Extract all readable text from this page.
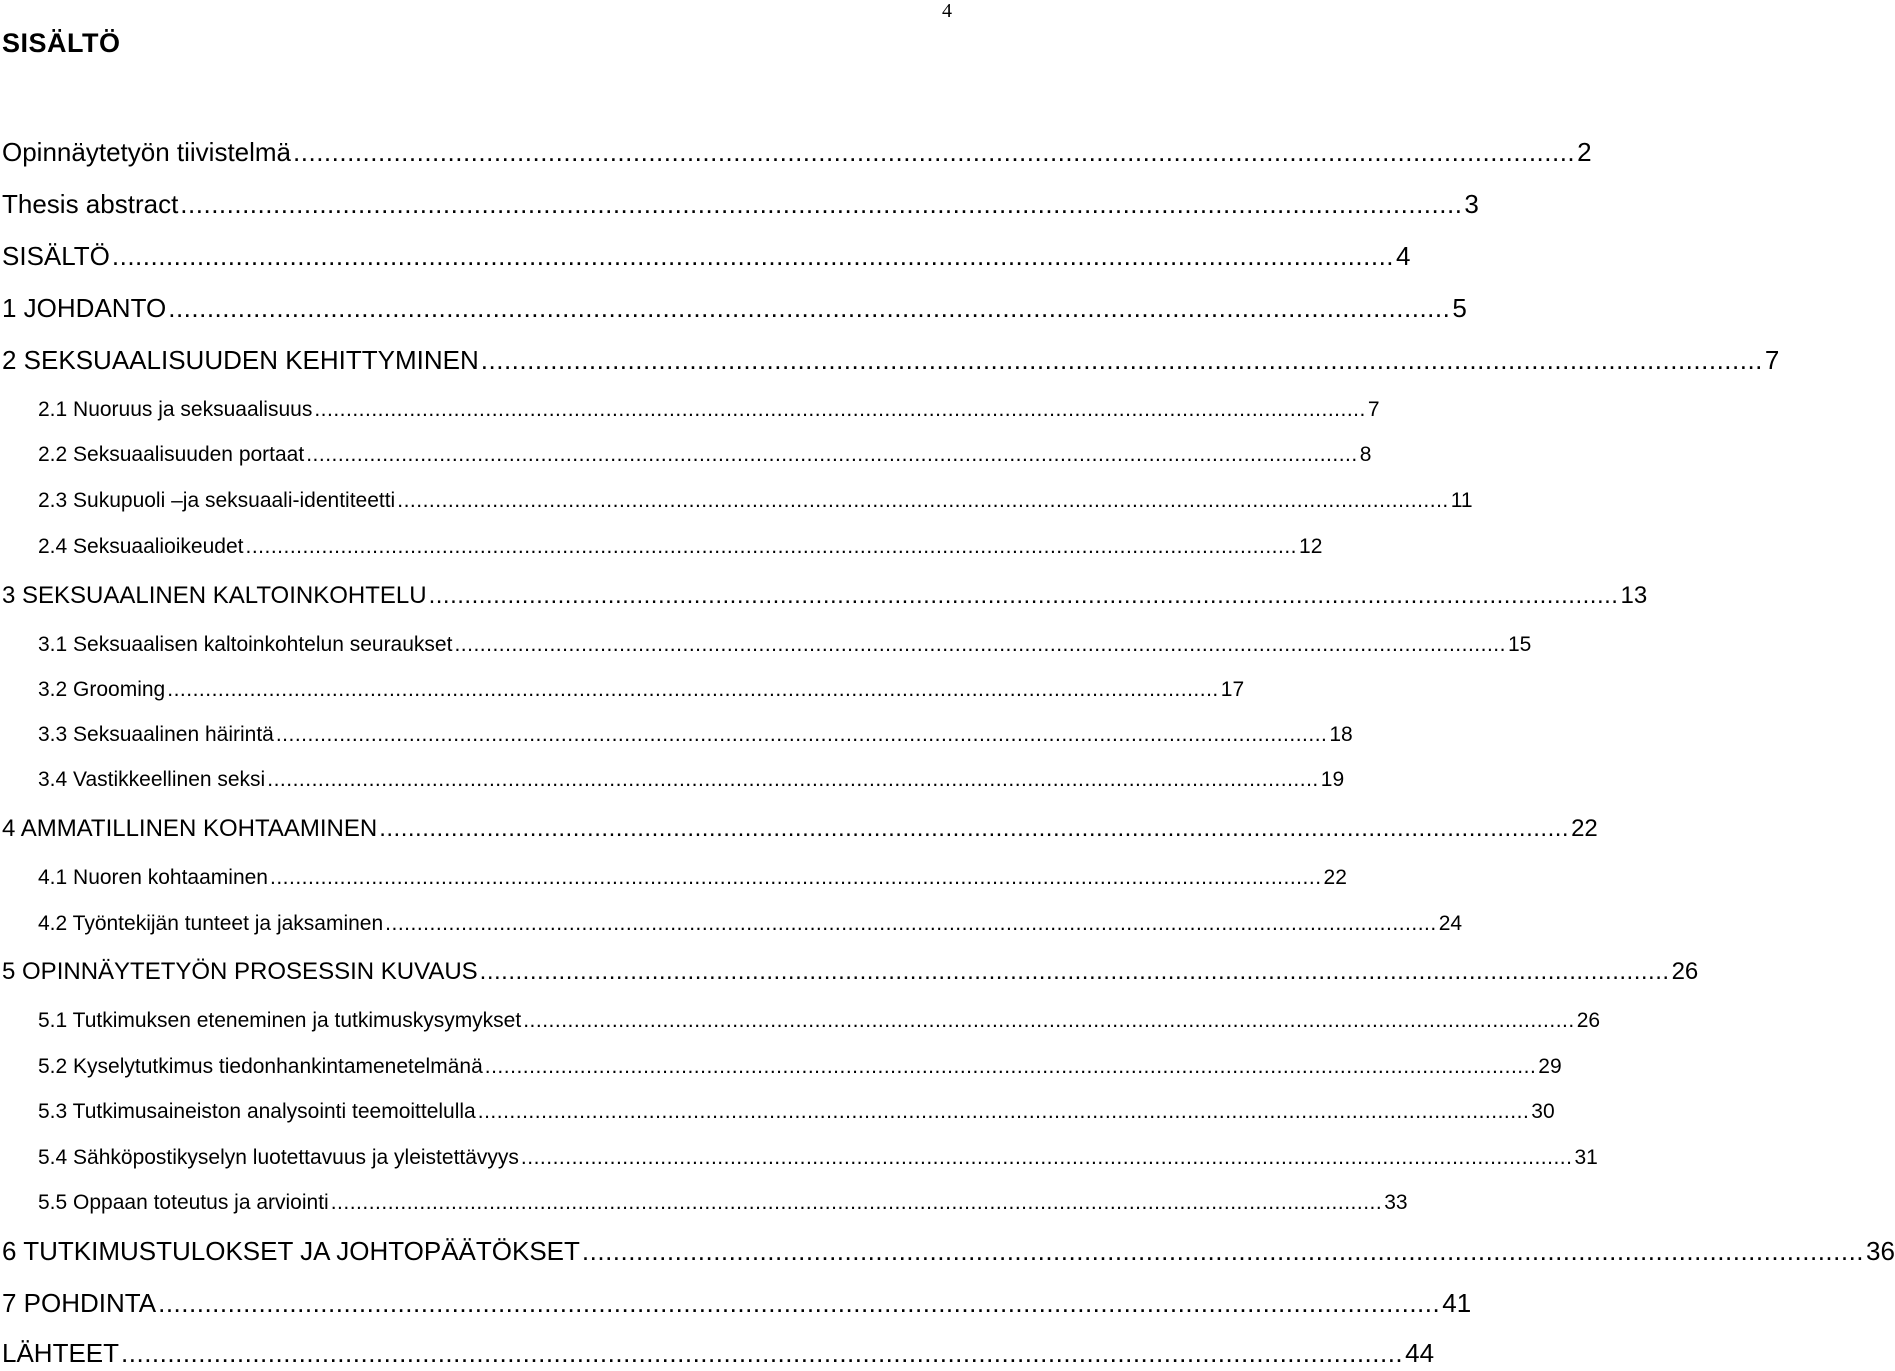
4
SISÄLTÖ
Opinnäytetyön tiivistelmä ...................................................................................................................................................................... 2
Thesis abstract ...................................................................................................................................................................... 3
SISÄLTÖ ...................................................................................................................................................................... 4
1 JOHDANTO ...................................................................................................................................................................... 5
2 SEKSUAALISUUDEN KEHITTYMINEN ...................................................................................................................................................................... 7
2.1 Nuoruus ja seksuaalisuus ...................................................................................................................................................................... 7
2.2 Seksuaalisuuden portaat ...................................................................................................................................................................... 8
2.3 Sukupuoli –ja seksuaali-identiteetti ...................................................................................................................................................................... 11
2.4 Seksuaalioikeudet ...................................................................................................................................................................... 12
3 SEKSUAALINEN KALTOINKOHTELU ...................................................................................................................................................................... 13
3.1 Seksuaalisen kaltoinkohtelun seuraukset ...................................................................................................................................................................... 15
3.2 Grooming ...................................................................................................................................................................... 17
3.3 Seksuaalinen häirintä ...................................................................................................................................................................... 18
3.4 Vastikkeellinen seksi ...................................................................................................................................................................... 19
4 AMMATILLINEN KOHTAAMINEN ...................................................................................................................................................................... 22
4.1 Nuoren kohtaaminen ...................................................................................................................................................................... 22
4.2 Työntekijän tunteet ja jaksaminen ...................................................................................................................................................................... 24
5 OPINNÄYTETYÖN PROSESSIN KUVAUS ...................................................................................................................................................................... 26
5.1 Tutkimuksen eteneminen ja tutkimuskysymykset ...................................................................................................................................................................... 26
5.2 Kyselytutkimus tiedonhankintamenetelmänä ...................................................................................................................................................................... 29
5.3 Tutkimusaineiston analysointi teemoittelulla ...................................................................................................................................................................... 30
5.4 Sähköpostikyselyn luotettavuus ja yleistettävyys ...................................................................................................................................................................... 31
5.5 Oppaan toteutus ja arviointi ...................................................................................................................................................................... 33
6 TUTKIMUSTULOKSET JA JOHTOPÄÄTÖKSET ...................................................................................................................................................................... 36
7 POHDINTA ...................................................................................................................................................................... 41
LÄHTEET ...................................................................................................................................................................... 44
